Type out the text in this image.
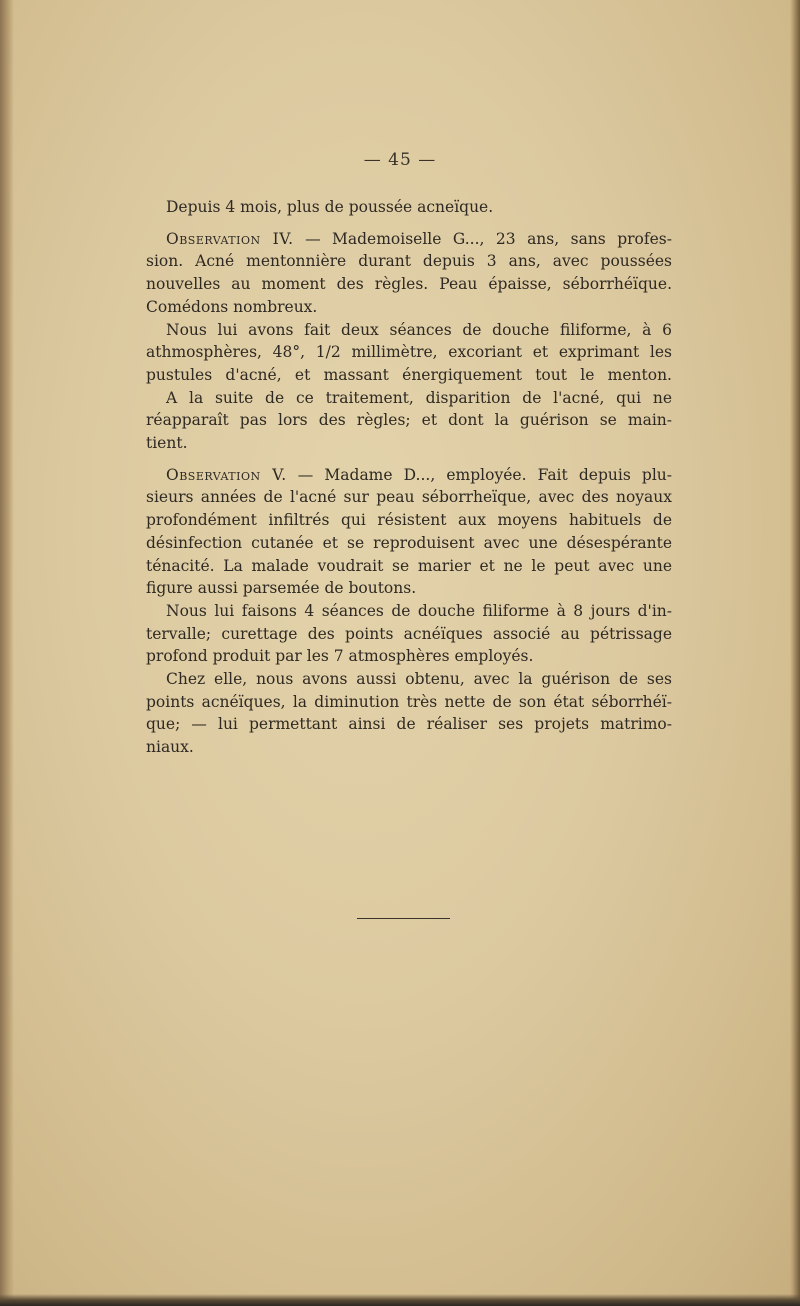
— 45 —
Depuis 4 mois, plus de poussée acneïque.
Observation IV. — Mademoiselle G..., 23 ans, sans profes-
sion. Acné mentonnière durant depuis 3 ans, avec poussées
nouvelles au moment des règles. Peau épaisse, séborrhéïque.
Comédons nombreux.
Nous lui avons fait deux séances de douche filiforme, à 6
athmosphères, 48°, 1/2 millimètre, excoriant et exprimant les
pustules d'acné, et massant énergiquement tout le menton.
A la suite de ce traitement, disparition de l'acné, qui ne
réapparaît pas lors des règles; et dont la guérison se main-
tient.
Observation V. — Madame D..., employée. Fait depuis plu-
sieurs années de l'acné sur peau séborrheïque, avec des noyaux
profondément infiltrés qui résistent aux moyens habituels de
désinfection cutanée et se reproduisent avec une désespérante
ténacité. La malade voudrait se marier et ne le peut avec une
figure aussi parsemée de boutons.
Nous lui faisons 4 séances de douche filiforme à 8 jours d'in-
tervalle; curettage des points acnéïques associé au pétrissage
profond produit par les 7 atmosphères employés.
Chez elle, nous avons aussi obtenu, avec la guérison de ses
points acnéïques, la diminution très nette de son état séborrhéï-
que; — lui permettant ainsi de réaliser ses projets matrimo-
niaux.
